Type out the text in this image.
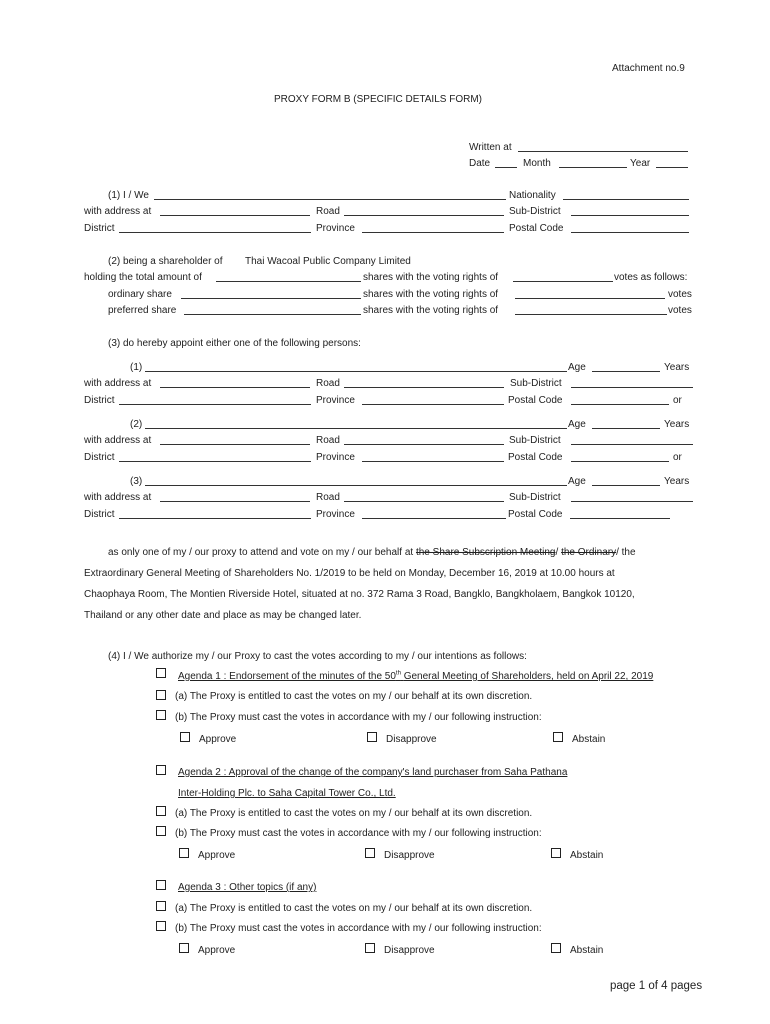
Attachment no.9
PROXY FORM B (SPECIFIC DETAILS FORM)
Written at
Date	Month	Year
(1) I / We	Nationality
with address at	Road	Sub-District
District	Province	Postal Code
(2) being a shareholder of Thai Wacoal Public Company Limited
holding the total amount of	shares with the voting rights of	votes as follows:
ordinary share	shares with the voting rights of	votes
preferred share	shares with the voting rights of	votes
(3) do hereby appoint either one of the following persons:
(1)	Age	Years
with address at	Road	Sub-District
District	Province	Postal Code	or
(2)	Age	Years
with address at	Road	Sub-District
District	Province	Postal Code	or
(3)	Age	Years
with address at	Road	Sub-District
District	Province	Postal Code
as only one of my / our proxy to attend and vote on my / our behalf at the Share Subscription Meeting/ the Ordinary/ the
Extraordinary General Meeting of Shareholders No. 1/2019 to be held on Monday, December 16, 2019 at 10.00 hours at
Chaophaya Room, The Montien Riverside Hotel, situated at no. 372 Rama 3 Road, Bangklo, Bangkholaem, Bangkok 10120,
Thailand or any other date and place as may be changed later.
(4) I / We authorize my / our Proxy to cast the votes according to my / our intentions as follows:
Agenda 1 : Endorsement of the minutes of the 50th General Meeting of Shareholders, held on April 22, 2019
(a) The Proxy is entitled to cast the votes on my / our behalf at its own discretion.
(b) The Proxy must cast the votes in accordance with my / our following instruction:
Approve	Disapprove	Abstain
Agenda 2 : Approval of the change of the company's land purchaser from Saha Pathana
Inter-Holding Plc. to Saha Capital Tower Co., Ltd.
(a) The Proxy is entitled to cast the votes on my / our behalf at its own discretion.
(b) The Proxy must cast the votes in accordance with my / our following instruction:
Approve	Disapprove	Abstain
Agenda 3 : Other topics (if any)
(a) The Proxy is entitled to cast the votes on my / our behalf at its own discretion.
(b) The Proxy must cast the votes in accordance with my / our following instruction:
Approve	Disapprove	Abstain
page 1 of 4 pages
